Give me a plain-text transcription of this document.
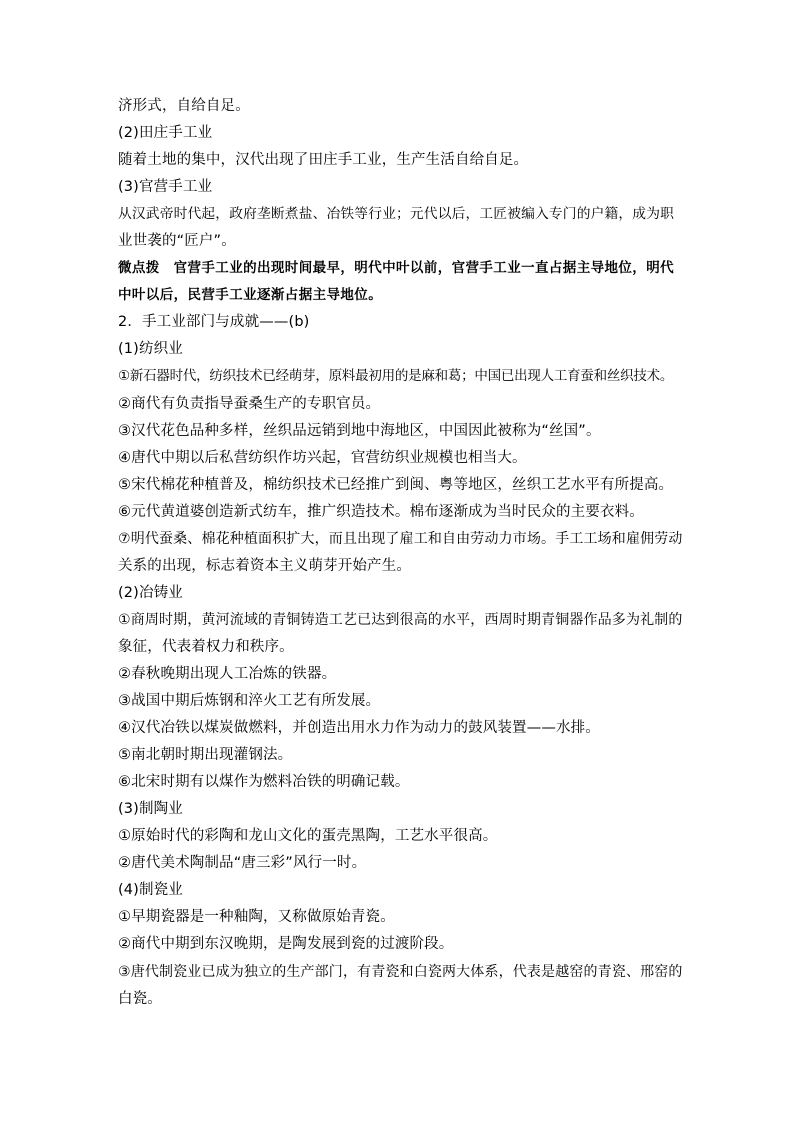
济形式，自给自足。
(2)田庄手工业
随着土地的集中，汉代出现了田庄手工业，生产生活自给自足。
(3)官营手工业
从汉武帝时代起，政府垄断煮盐、冶铁等行业；元代以后，工匠被编入专门的户籍，成为职
业世袭的“匠户”。
微点拨　官营手工业的出现时间最早，明代中叶以前，官营手工业一直占据主导地位，明代
中叶以后，民营手工业逐渐占据主导地位。
2．手工业部门与成就——(b)
(1)纺织业
①新石器时代，纺织技术已经萌芽，原料最初用的是麻和葛；中国已出现人工育蚕和丝织技术。
②商代有负责指导蚕桑生产的专职官员。
③汉代花色品种多样，丝织品远销到地中海地区，中国因此被称为“丝国”。
④唐代中期以后私营纺织作坊兴起，官营纺织业规模也相当大。
⑤宋代棉花种植普及，棉纺织技术已经推广到闽、粤等地区，丝织工艺水平有所提高。
⑥元代黄道婆创造新式纺车，推广织造技术。棉布逐渐成为当时民众的主要衣料。
⑦明代蚕桑、棉花种植面积扩大，而且出现了雇工和自由劳动力市场。手工工场和雇佣劳动
关系的出现，标志着资本主义萌芽开始产生。
(2)冶铸业
①商周时期，黄河流域的青铜铸造工艺已达到很高的水平，西周时期青铜器作品多为礼制的
象征，代表着权力和秩序。
②春秋晚期出现人工冶炼的铁器。
③战国中期后炼钢和淬火工艺有所发展。
④汉代冶铁以煤炭做燃料，并创造出用水力作为动力的鼓风装置——水排。
⑤南北朝时期出现灌钢法。
⑥北宋时期有以煤作为燃料冶铁的明确记载。
(3)制陶业
①原始时代的彩陶和龙山文化的蛋壳黑陶，工艺水平很高。
②唐代美术陶制品“唐三彩”风行一时。
(4)制瓷业
①早期瓷器是一种釉陶，又称做原始青瓷。
②商代中期到东汉晚期，是陶发展到瓷的过渡阶段。
③唐代制瓷业已成为独立的生产部门，有青瓷和白瓷两大体系，代表是越窑的青瓷、邢窑的
白瓷。
